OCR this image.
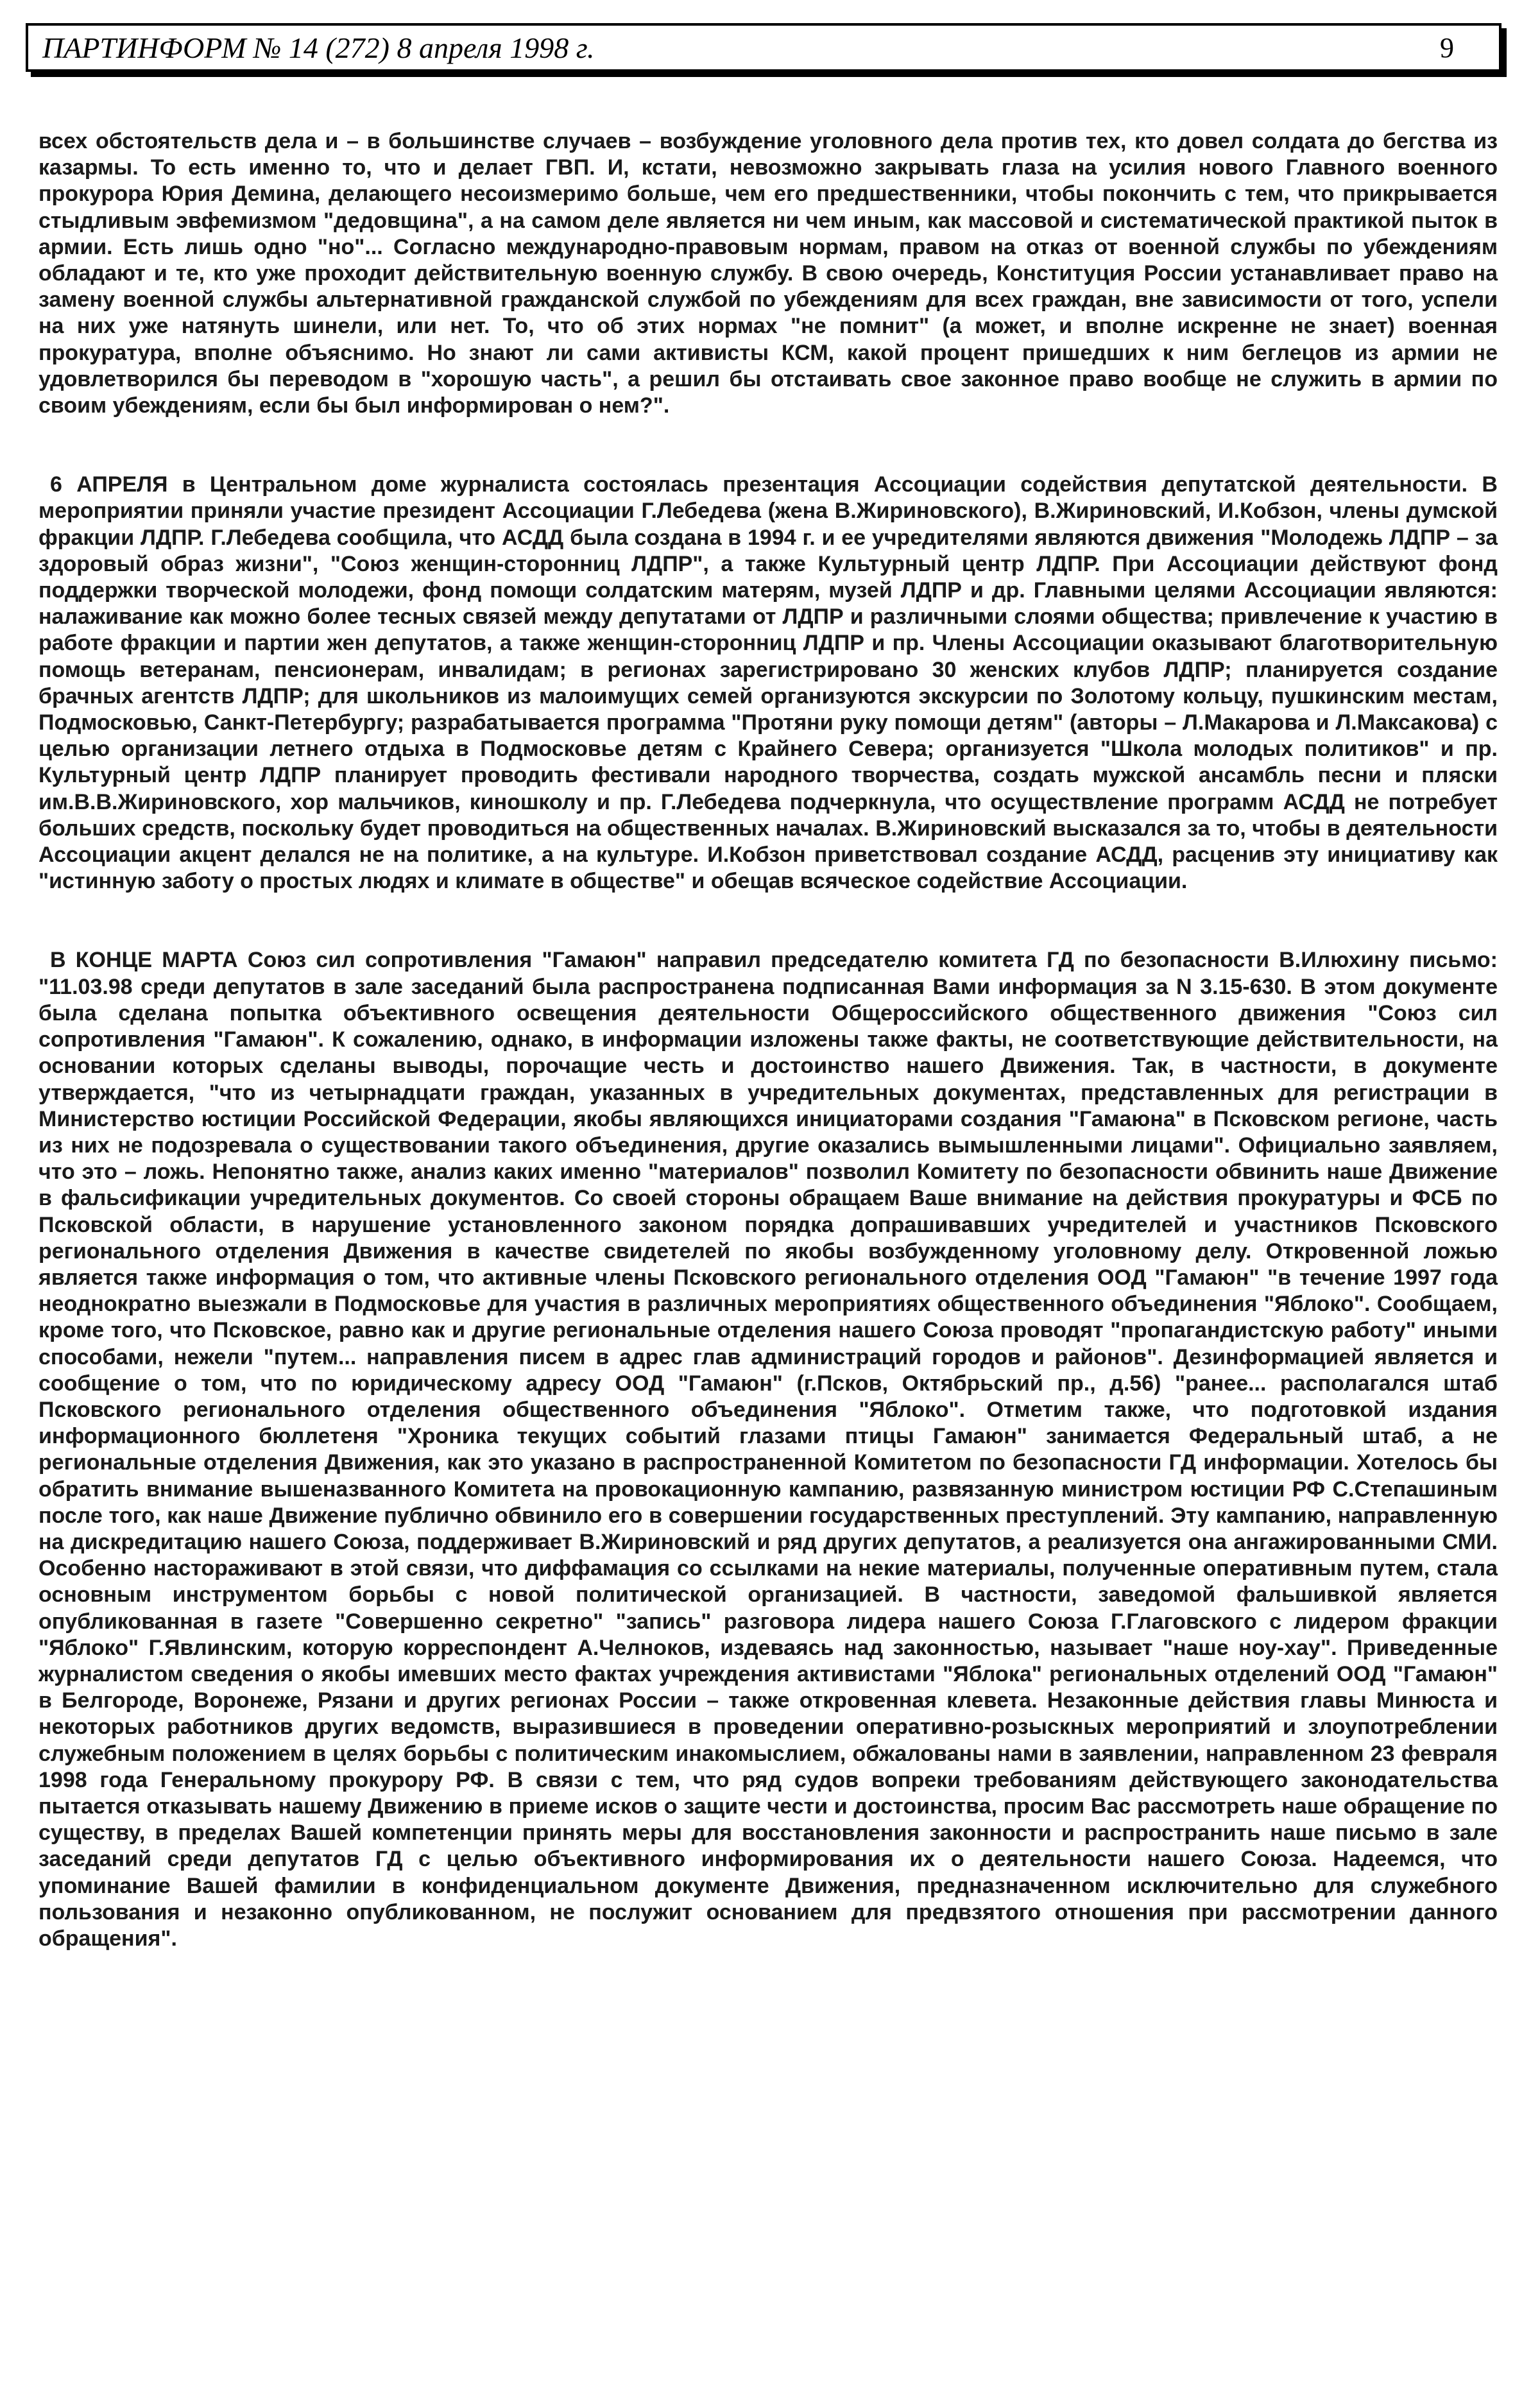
ПАРТИНФОРМ № 14 (272) 8 апреля 1998 г.	9

всех обстоятельств дела и – в большинстве случаев – возбуждение уголовного дела против тех, кто довел солдата до бегства из казармы. То есть именно то, что и делает ГВП. И, кстати, невозможно закрывать глаза на усилия нового Главного военного прокурора Юрия Демина, делающего несоизмеримо больше, чем его предшественники, чтобы покончить с тем, что прикрывается стыдливым эвфемизмом "дедовщина", а на самом деле является ни чем иным, как массовой и систематической практикой пыток в армии. Есть лишь одно "но"... Согласно международно-правовым нормам, правом на отказ от военной службы по убеждениям обладают и те, кто уже проходит действительную военную службу. В свою очередь, Конституция России устанавливает право на замену военной службы альтернативной гражданской службой по убеждениям для всех граждан, вне зависимости от того, успели на них уже натянуть шинели, или нет. То, что об этих нормах "не помнит" (а может, и вполне искренне не знает) военная прокуратура, вполне объяснимо. Но знают ли сами активисты КСМ, какой процент пришедших к ним беглецов из армии не удовлетворился бы переводом в "хорошую часть", а решил бы отстаивать свое законное право вообще не служить в армии по своим убеждениям, если бы был информирован о нем?".

6 АПРЕЛЯ в Центральном доме журналиста состоялась презентация Ассоциации содействия депутатской деятельности. В мероприятии приняли участие президент Ассоциации Г.Лебедева (жена В.Жириновского), В.Жириновский, И.Кобзон, члены думской фракции ЛДПР. Г.Лебедева сообщила, что АСДД была создана в 1994 г. и ее учредителями являются движения "Молодежь ЛДПР – за здоровый образ жизни", "Союз женщин-сторонниц ЛДПР", а также Культурный центр ЛДПР. При Ассоциации действуют фонд поддержки творческой молодежи, фонд помощи солдатским матерям, музей ЛДПР и др. Главными целями Ассоциации являются: налаживание как можно более тесных связей между депутатами от ЛДПР и различными слоями общества; привлечение к участию в работе фракции и партии жен депутатов, а также женщин-сторонниц ЛДПР и пр. Члены Ассоциации оказывают благотворительную помощь ветеранам, пенсионерам, инвалидам; в регионах зарегистрировано 30 женских клубов ЛДПР; планируется создание брачных агентств ЛДПР; для школьников из малоимущих семей организуются экскурсии по Золотому кольцу, пушкинским местам, Подмосковью, Санкт-Петербургу; разрабатывается программа "Протяни руку помощи детям" (авторы – Л.Макарова и Л.Максакова) с целью организации летнего отдыха в Подмосковье детям с Крайнего Севера; организуется "Школа молодых политиков" и пр. Культурный центр ЛДПР планирует проводить фестивали народного творчества, создать мужской ансамбль песни и пляски им.В.В.Жириновского, хор мальчиков, киношколу и пр. Г.Лебедева подчеркнула, что осуществление программ АСДД не потребует больших средств, поскольку будет проводиться на общественных началах. В.Жириновский высказался за то, чтобы в деятельности Ассоциации акцент делался не на политике, а на культуре. И.Кобзон приветствовал создание АСДД, расценив эту инициативу как "истинную заботу о простых людях и климате в обществе" и обещав всяческое содействие Ассоциации.

В КОНЦЕ МАРТА Союз сил сопротивления "Гамаюн" направил председателю комитета ГД по безопасности В.Илюхину письмо: "11.03.98 среди депутатов в зале заседаний была распространена подписанная Вами информация за N 3.15-630. В этом документе была сделана попытка объективного освещения деятельности Общероссийского общественного движения "Союз сил сопротивления "Гамаюн". К сожалению, однако, в информации изложены также факты, не соответствующие действительности, на основании которых сделаны выводы, порочащие честь и достоинство нашего Движения. Так, в частности, в документе утверждается, "что из четырнадцати граждан, указанных в учредительных документах, представленных для регистрации в Министерство юстиции Российской Федерации, якобы являющихся инициаторами создания "Гамаюна" в Псковском регионе, часть из них не подозревала о существовании такого объединения, другие оказались вымышленными лицами". Официально заявляем, что это – ложь. Непонятно также, анализ каких именно "материалов" позволил Комитету по безопасности обвинить наше Движение в фальсификации учредительных документов. Со своей стороны обращаем Ваше внимание на действия прокуратуры и ФСБ по Псковской области, в нарушение установленного законом порядка допрашивавших учредителей и участников Псковского регионального отделения Движения в качестве свидетелей по якобы возбужденному уголовному делу. Откровенной ложью является также информация о том, что активные члены Псковского регионального отделения ООД "Гамаюн" "в течение 1997 года неоднократно выезжали в Подмосковье для участия в различных мероприятиях общественного объединения "Яблоко". Сообщаем, кроме того, что Псковское, равно как и другие региональные отделения нашего Союза проводят "пропагандистскую работу" иными способами, нежели "путем... направления писем в адрес глав администраций городов и районов". Дезинформацией является и сообщение о том, что по юридическому адресу ООД "Гамаюн" (г.Псков, Октябрьский пр., д.56) "ранее... располагался штаб Псковского регионального отделения общественного объединения "Яблоко". Отметим также, что подготовкой издания информационного бюллетеня "Хроника текущих событий глазами птицы Гамаюн" занимается Федеральный штаб, а не региональные отделения Движения, как это указано в распространенной Комитетом по безопасности ГД информации. Хотелось бы обратить внимание вышеназванного Комитета на провокационную кампанию, развязанную министром юстиции РФ С.Степашиным после того, как наше Движение публично обвинило его в совершении государственных преступлений. Эту кампанию, направленную на дискредитацию нашего Союза, поддерживает В.Жириновский и ряд других депутатов, а реализуется она ангажированными СМИ. Особенно настораживают в этой связи, что диффамация со ссылками на некие материалы, полученные оперативным путем, стала основным инструментом борьбы с новой политической организацией. В частности, заведомой фальшивкой является опубликованная в газете "Совершенно секретно" "запись" разговора лидера нашего Союза Г.Глаговского с лидером фракции "Яблоко" Г.Явлинским, которую корреспондент А.Челноков, издеваясь над законностью, называет "наше ноу-хау". Приведенные журналистом сведения о якобы имевших место фактах учреждения активистами "Яблока" региональных отделений ООД "Гамаюн" в Белгороде, Воронеже, Рязани и других регионах России – также откровенная клевета. Незаконные действия главы Минюста и некоторых работников других ведомств, выразившиеся в проведении оперативно-розыскных мероприятий и злоупотреблении служебным положением в целях борьбы с политическим инакомыслием, обжалованы нами в заявлении, направленном 23 февраля 1998 года Генеральному прокурору РФ. В связи с тем, что ряд судов вопреки требованиям действующего законодательства пытается отказывать нашему Движению в приеме исков о защите чести и достоинства, просим Вас рассмотреть наше обращение по существу, в пределах Вашей компетенции принять меры для восстановления законности и распространить наше письмо в зале заседаний среди депутатов ГД с целью объективного информирования их о деятельности нашего Союза. Надеемся, что упоминание Вашей фамилии в конфиденциальном документе Движения, предназначенном исключительно для служебного пользования и незаконно опубликованном, не послужит основанием для предвзятого отношения при рассмотрении данного обращения".
